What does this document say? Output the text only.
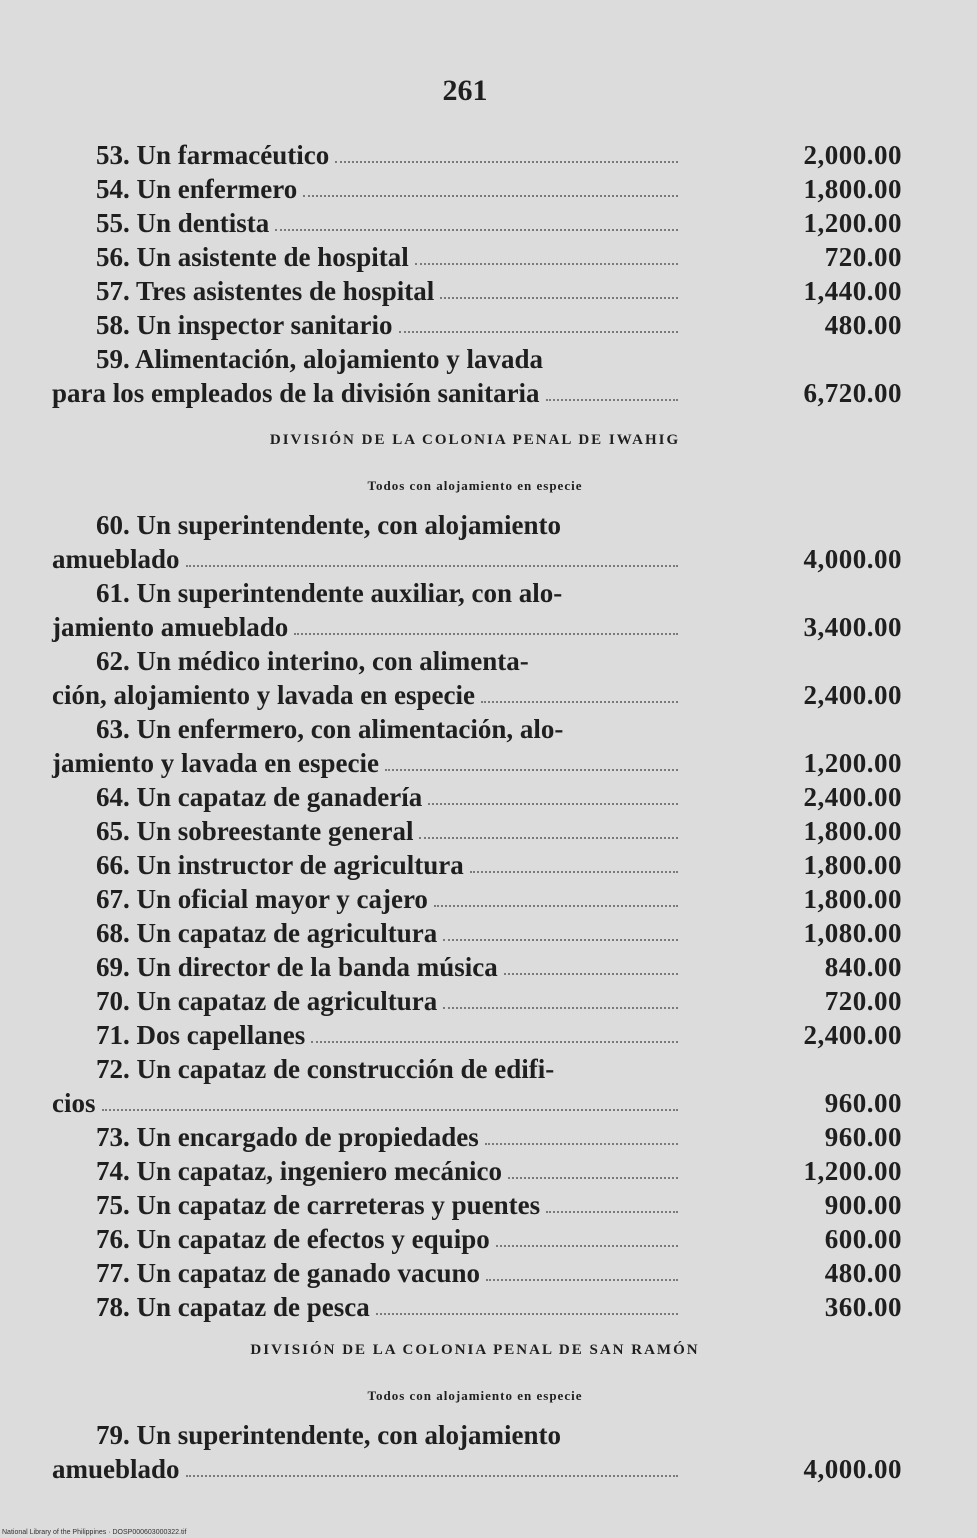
261
53. Un farmacéutico	2,000.00
54. Un enfermero	1,800.00
55. Un dentista	1,200.00
56. Un asistente de hospital	720.00
57. Tres asistentes de hospital	1,440.00
58. Un inspector sanitario	480.00
59. Alimentación, alojamiento y lavada
para los empleados de la división sanitaria	6,720.00
DIVISIÓN DE LA COLONIA PENAL DE IWAHIG
Todos con alojamiento en especie
60. Un superintendente, con alojamiento
amueblado	4,000.00
61. Un superintendente auxiliar, con alo-
jamiento amueblado	3,400.00
62. Un médico interino, con alimenta-
ción, alojamiento y lavada en especie	2,400.00
63. Un enfermero, con alimentación, alo-
jamiento y lavada en especie	1,200.00
64. Un capataz de ganadería	2,400.00
65. Un sobreestante general	1,800.00
66. Un instructor de agricultura	1,800.00
67. Un oficial mayor y cajero	1,800.00
68. Un capataz de agricultura	1,080.00
69. Un director de la banda música	840.00
70. Un capataz de agricultura	720.00
71. Dos capellanes	2,400.00
72. Un capataz de construcción de edifi-
cios	960.00
73. Un encargado de propiedades	960.00
74. Un capataz, ingeniero mecánico	1,200.00
75. Un capataz de carreteras y puentes	900.00
76. Un capataz de efectos y equipo	600.00
77. Un capataz de ganado vacuno	480.00
78. Un capataz de pesca	360.00
DIVISIÓN DE LA COLONIA PENAL DE SAN RAMÓN
Todos con alojamiento en especie
79. Un superintendente, con alojamiento
amueblado	4,000.00
National Library of the Philippines · DOSP000603000322.tif
